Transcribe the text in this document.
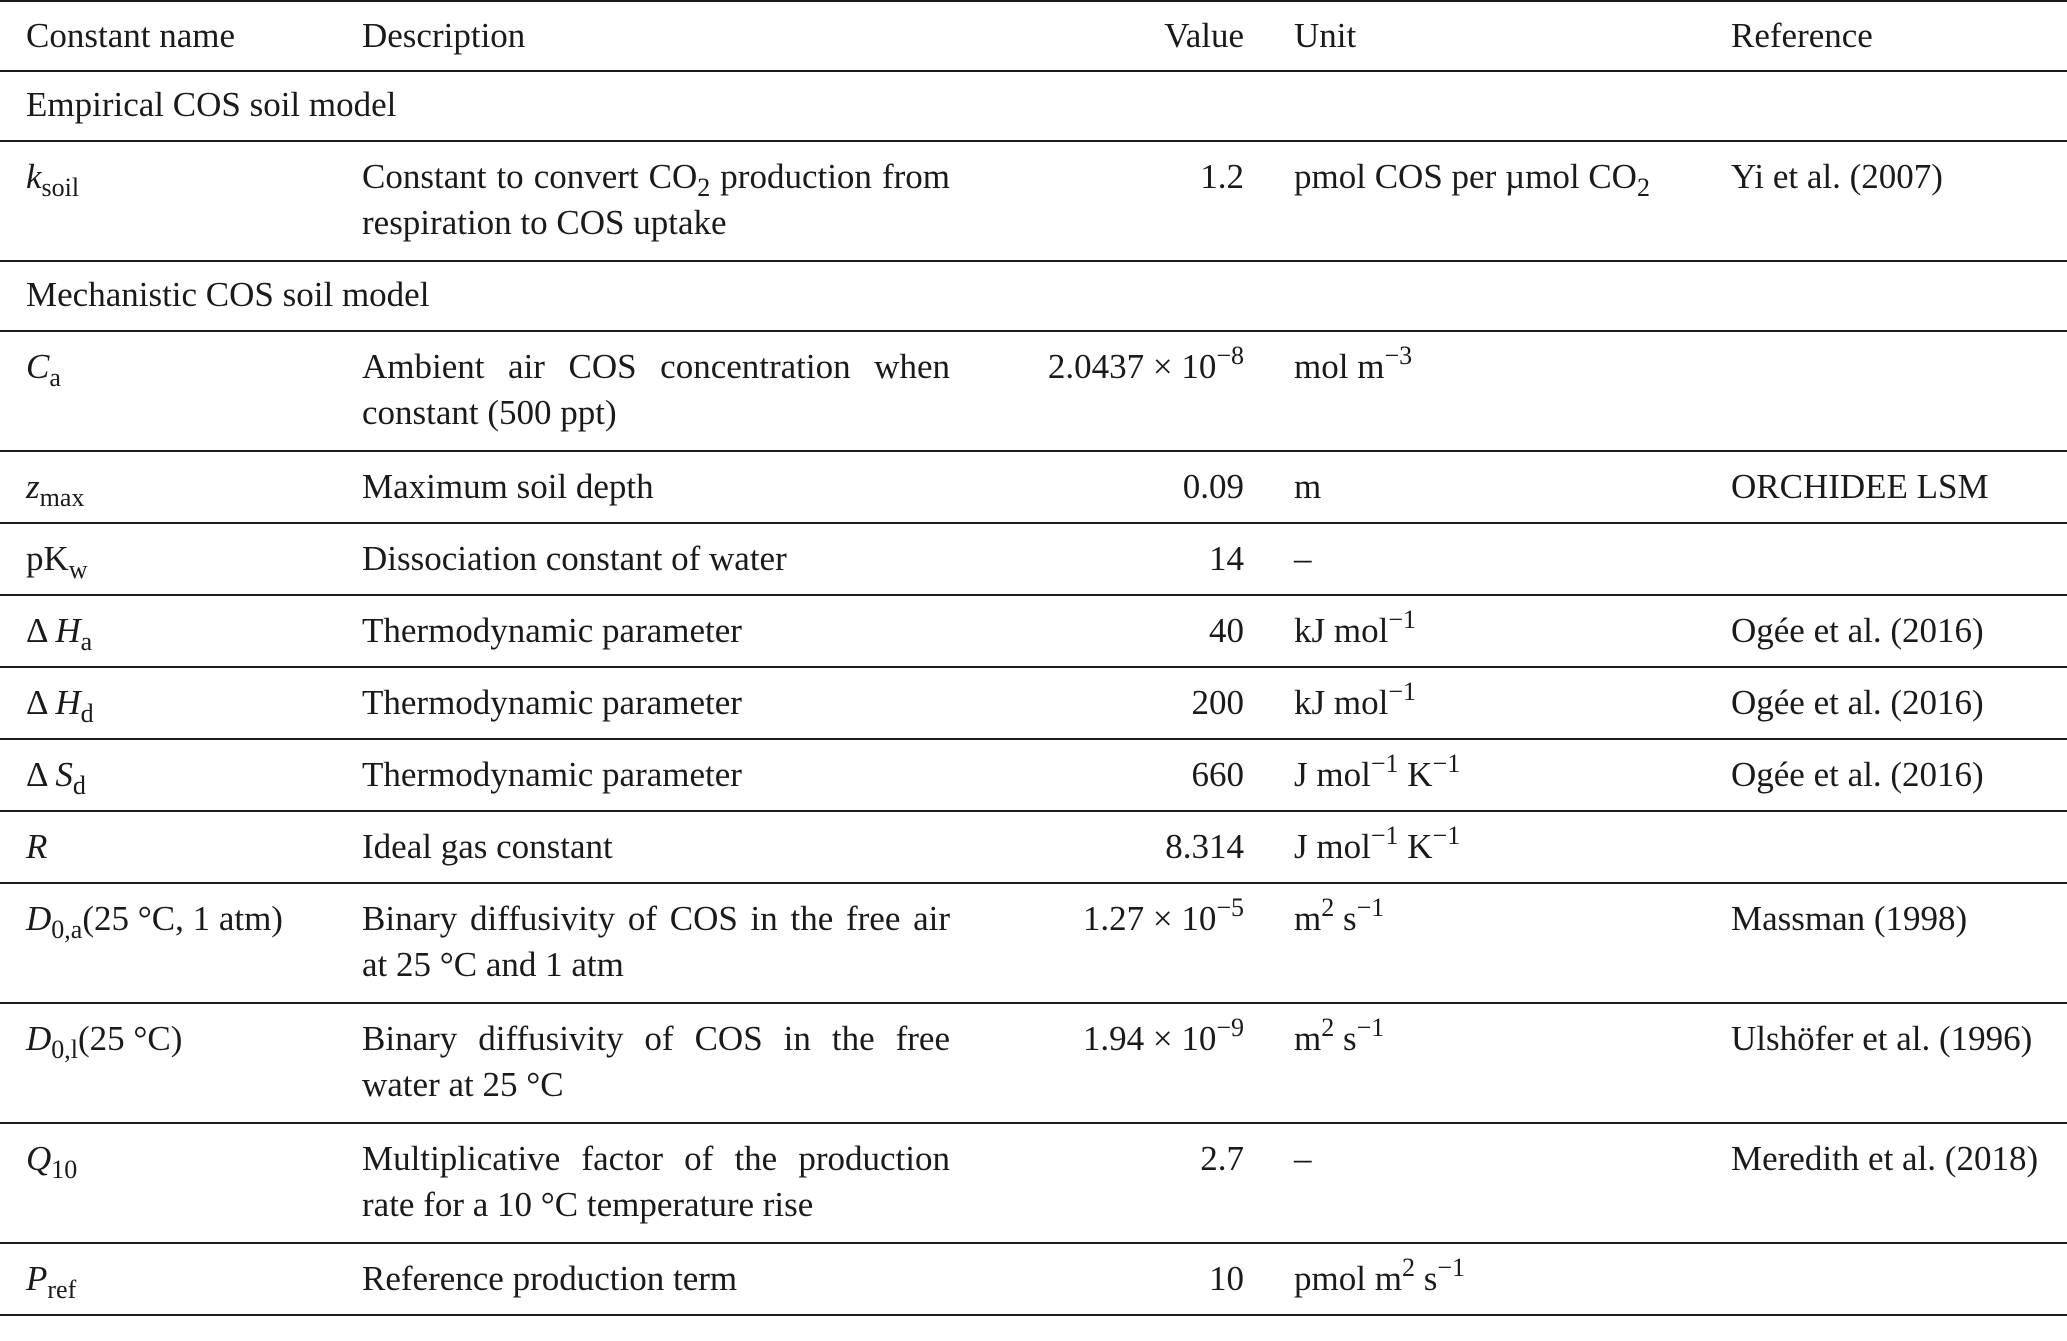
Constant name	Description	Value	Unit	Reference
Empirical COS soil model				
$k_{soil}$	Constant to convert $CO_2$ production from respiration to COS uptake	1.2	pmol COS per µmol $CO_2$	Yi et al. (2007)
Mechanistic COS soil model				
$C_a$	Ambient air COS concentration when constant (500 ppt)	$2.0437 \times 10^{-8}$	mol $m^{-3}$	
$z_{max}$	Maximum soil depth	0.09	m	ORCHIDEE LSM
$pK_w$	Dissociation constant of water	14	–	
Δ $H_a$	Thermodynamic parameter	40	kJ mol$^{-1}$	Ogée et al. (2016)
Δ $H_d$	Thermodynamic parameter	200	kJ mol$^{-1}$	Ogée et al. (2016)
Δ $S_d$	Thermodynamic parameter	660	J mol$^{-1}$ $K^{-1}$	Ogée et al. (2016)
R	Ideal gas constant	8.314	J mol$^{-1}$ $K^{-1}$	
$D_{0,a}(25$ °C, 1 atm)	Binary diffusivity of COS in the free air at 25 °C and 1 atm	$1.27 \times 10^{-5}$	$m^2$ $s^{-1}$	Massman (1998)
$D_{0,l}(25$ °C)	Binary diffusivity of COS in the free water at 25 °C	$1.94 \times 10^{-9}$	$m^2$ $s^{-1}$	Ulshöfer et al. (1996)
$Q_{10}$	Multiplicative factor of the production rate for a 10 °C temperature rise	2.7	–	Meredith et al. (2018)
$P_{ref}$	Reference production term	10	pmol $m^2$ $s^{-1}$	
